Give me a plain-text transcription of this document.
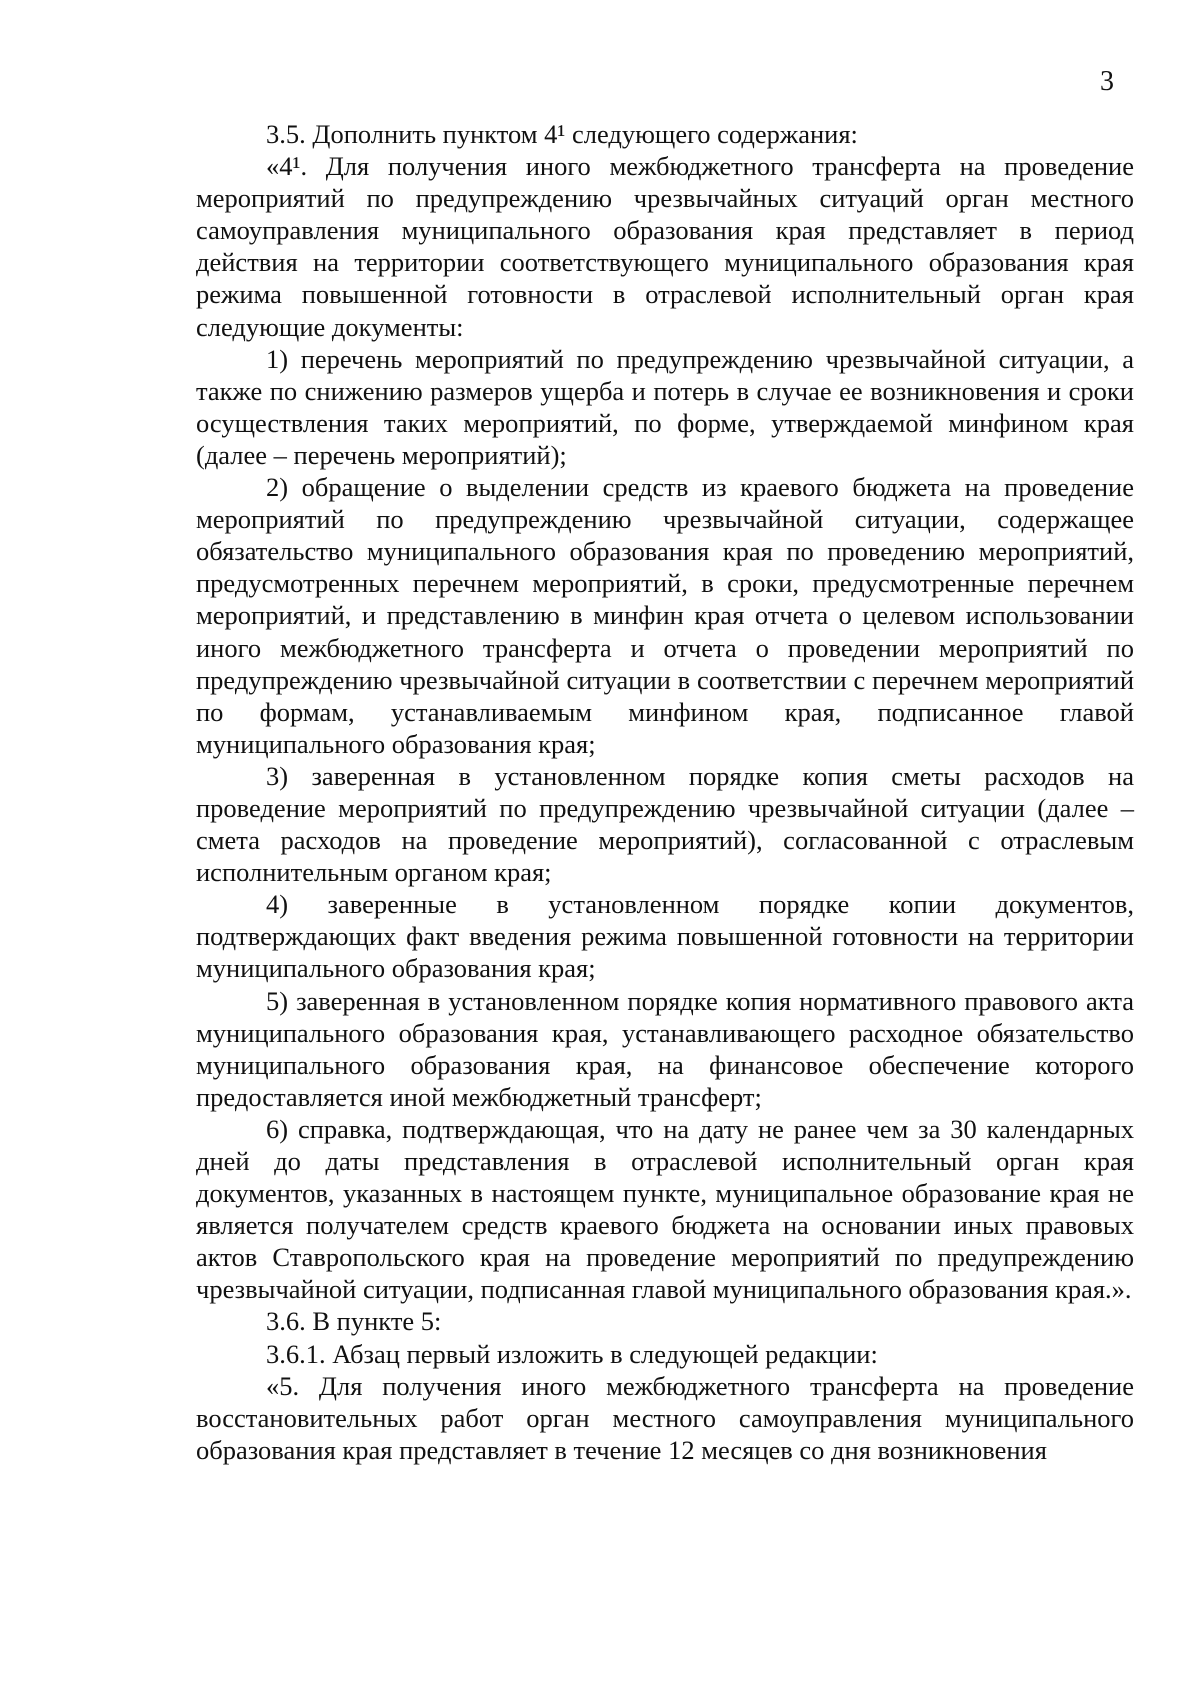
3

3.5. Дополнить пунктом 4¹ следующего содержания:

«4¹. Для получения иного межбюджетного трансферта на проведение мероприятий по предупреждению чрезвычайных ситуаций орган местного самоуправления муниципального образования края представляет в период действия на территории соответствующего муниципального образования края режима повышенной готовности в отраслевой исполнительный орган края следующие документы:

1) перечень мероприятий по предупреждению чрезвычайной ситуации, а также по снижению размеров ущерба и потерь в случае ее возникновения и сроки осуществления таких мероприятий, по форме, утверждаемой минфином края (далее – перечень мероприятий);

2) обращение о выделении средств из краевого бюджета на проведение мероприятий по предупреждению чрезвычайной ситуации, содержащее обязательство муниципального образования края по проведению мероприятий, предусмотренных перечнем мероприятий, в сроки, предусмотренные перечнем мероприятий, и представлению в минфин края отчета о целевом использовании иного межбюджетного трансферта и отчета о проведении мероприятий по предупреждению чрезвычайной ситуации в соответствии с перечнем мероприятий по формам, устанавливаемым минфином края, подписанное главой муниципального образования края;

3) заверенная в установленном порядке копия сметы расходов на проведение мероприятий по предупреждению чрезвычайной ситуации (далее – смета расходов на проведение мероприятий), согласованной с отраслевым исполнительным органом края;

4) заверенные в установленном порядке копии документов, подтверждающих факт введения режима повышенной готовности на территории муниципального образования края;

5) заверенная в установленном порядке копия нормативного правового акта муниципального образования края, устанавливающего расходное обязательство муниципального образования края, на финансовое обеспечение которого предоставляется иной межбюджетный трансферт;

6) справка, подтверждающая, что на дату не ранее чем за 30 календарных дней до даты представления в отраслевой исполнительный орган края документов, указанных в настоящем пункте, муниципальное образование края не является получателем средств краевого бюджета на основании иных правовых актов Ставропольского края на проведение мероприятий по предупреждению чрезвычайной ситуации, подписанная главой муниципального образования края.».

3.6. В пункте 5:

3.6.1. Абзац первый изложить в следующей редакции:

«5. Для получения иного межбюджетного трансферта на проведение восстановительных работ орган местного самоуправления муниципального образования края представляет в течение 12 месяцев со дня возникновения
